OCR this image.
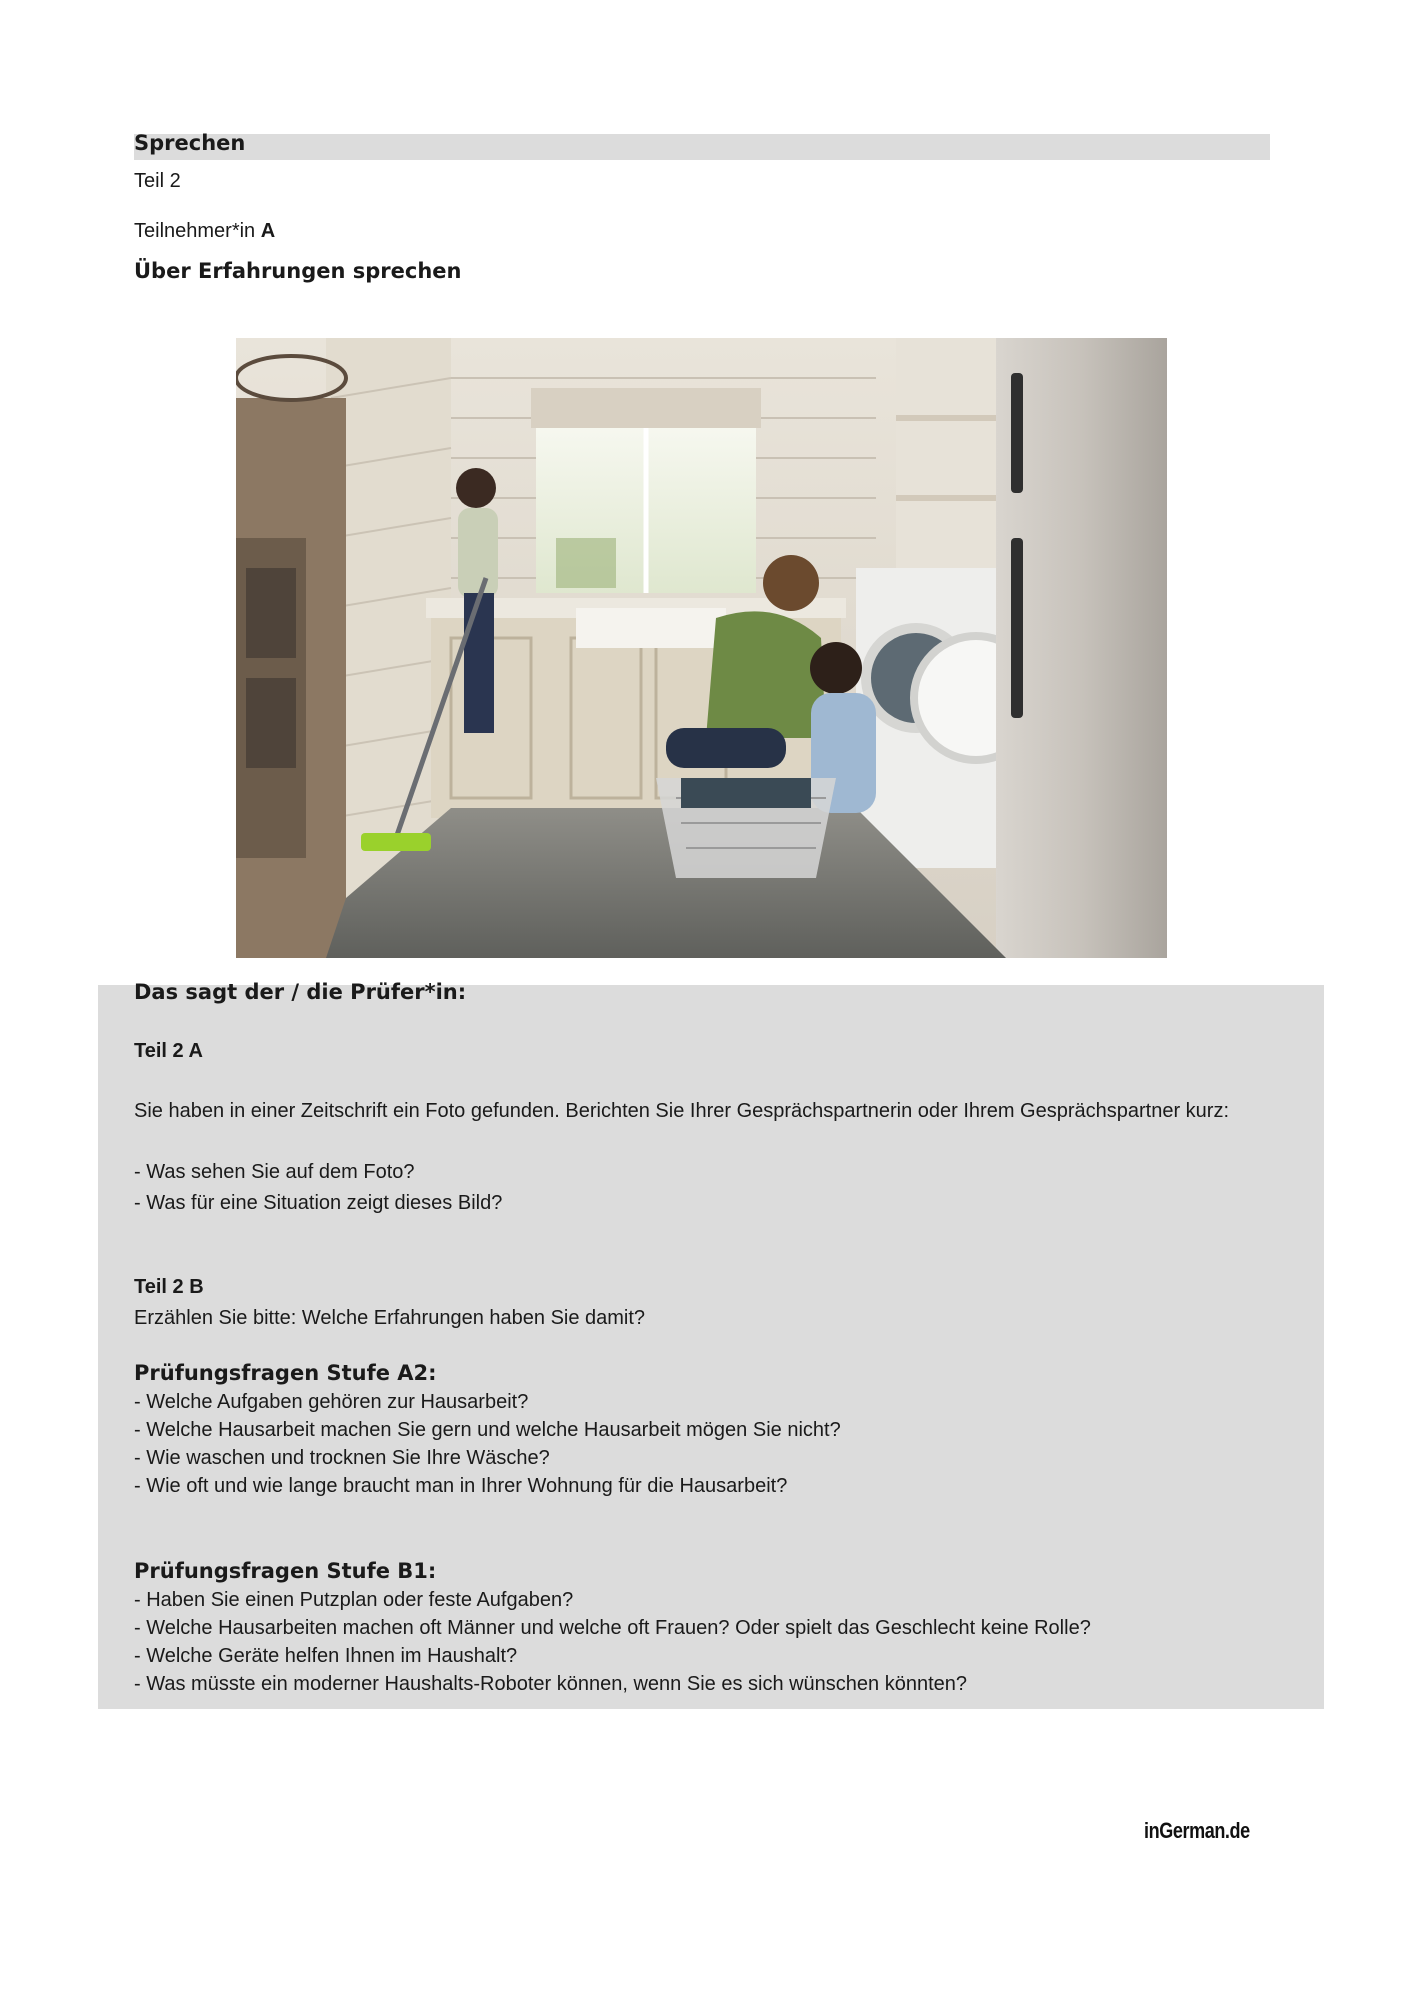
Sprechen
Teil 2
Teilnehmer*in A
Über Erfahrungen sprechen
Das sagt der / die Prüfer*in:
Teil 2 A
Sie haben in einer Zeitschrift ein Foto gefunden. Berichten Sie Ihrer Gesprächspartnerin oder Ihrem Gesprächspartner kurz:
- Was sehen Sie auf dem Foto?
- Was für eine Situation zeigt dieses Bild?
Teil 2 B
Erzählen Sie bitte: Welche Erfahrungen haben Sie damit?
Prüfungsfragen Stufe A2:
- Welche Aufgaben gehören zur Hausarbeit?
- Welche Hausarbeit machen Sie gern und welche Hausarbeit mögen Sie nicht?
- Wie waschen und trocknen Sie Ihre Wäsche?
- Wie oft und wie lange braucht man in Ihrer Wohnung für die Hausarbeit?
Prüfungsfragen Stufe B1:
- Haben Sie einen Putzplan oder feste Aufgaben?
- Welche Hausarbeiten machen oft Männer und welche oft Frauen? Oder spielt das Geschlecht keine Rolle?
- Welche Geräte helfen Ihnen im Haushalt?
- Was müsste ein moderner Haushalts-Roboter können, wenn Sie es sich wünschen könnten?
inGerman.de
